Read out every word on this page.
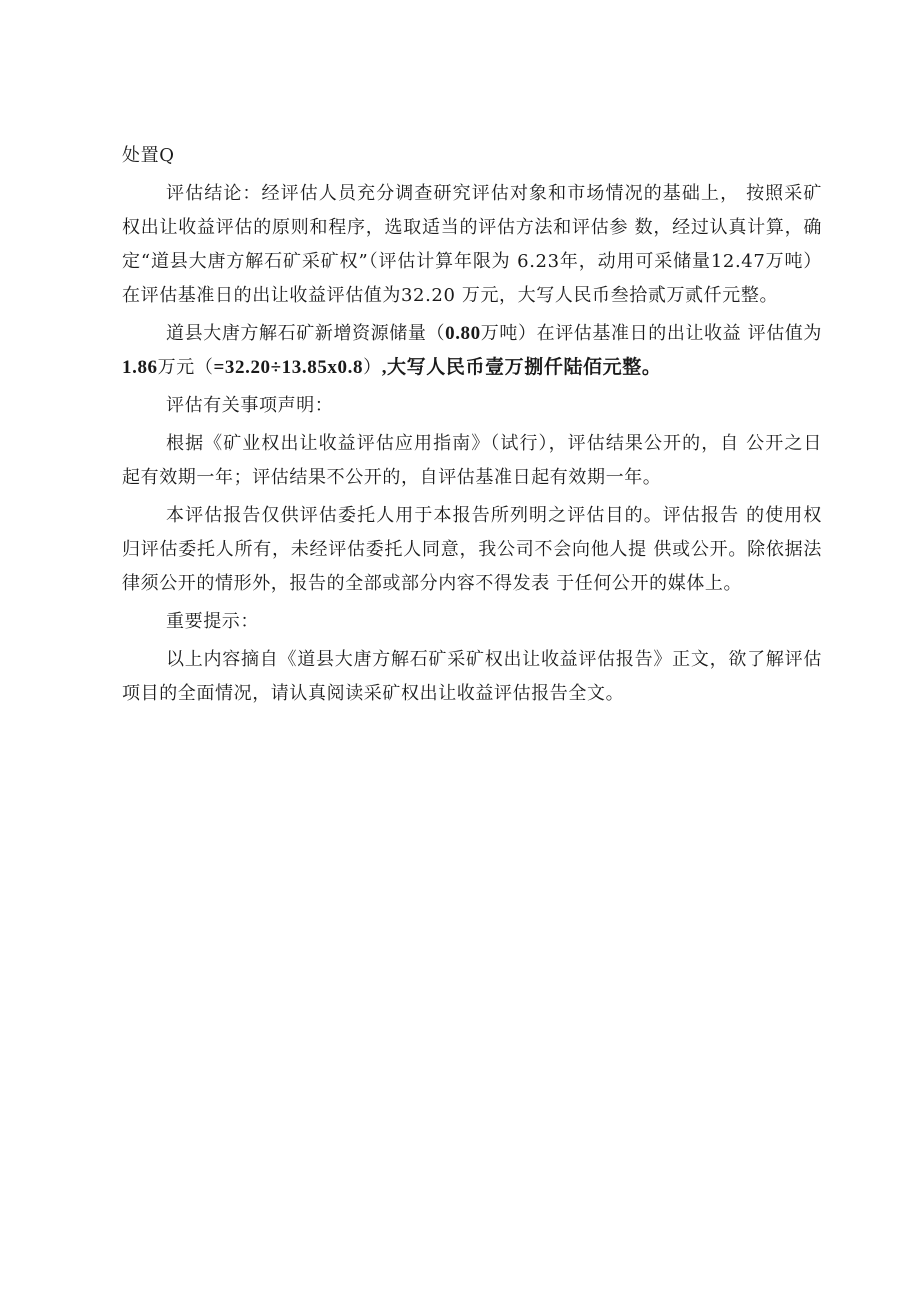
处置Q

评估结论：经评估人员充分调查研究评估对象和市场情况的基础上， 按照采矿权出让收益评估的原则和程序，选取适当的评估方法和评估参 数，经过认真计算，确定“道县大唐方解石矿采矿权”（评估计算年限为 6.23年，动用可采储量12.47万吨）在评估基准日的出让收益评估值为32.20 万元，大写人民币叁拾贰万贰仟元整。

道县大唐方解石矿新增资源储量（0.80万吨）在评估基准日的出让收益 评估值为1.86万元（=32.20÷13.85x0.8）,大写人民币壹万捌仟陆佰元整。

评估有关事项声明：

根据《矿业权出让收益评估应用指南》（试行），评估结果公开的，自 公开之日起有效期一年；评估结果不公开的，自评估基准日起有效期一年。

本评估报告仅供评估委托人用于本报告所列明之评估目的。评估报告 的使用权归评估委托人所有，未经评估委托人同意，我公司不会向他人提 供或公开。除依据法律须公开的情形外，报告的全部或部分内容不得发表 于任何公开的媒体上。

重要提示：

以上内容摘自《道县大唐方解石矿采矿权出让收益评估报告》正文，欲了解评估项目的全面情况，请认真阅读采矿权出让收益评估报告全文。
